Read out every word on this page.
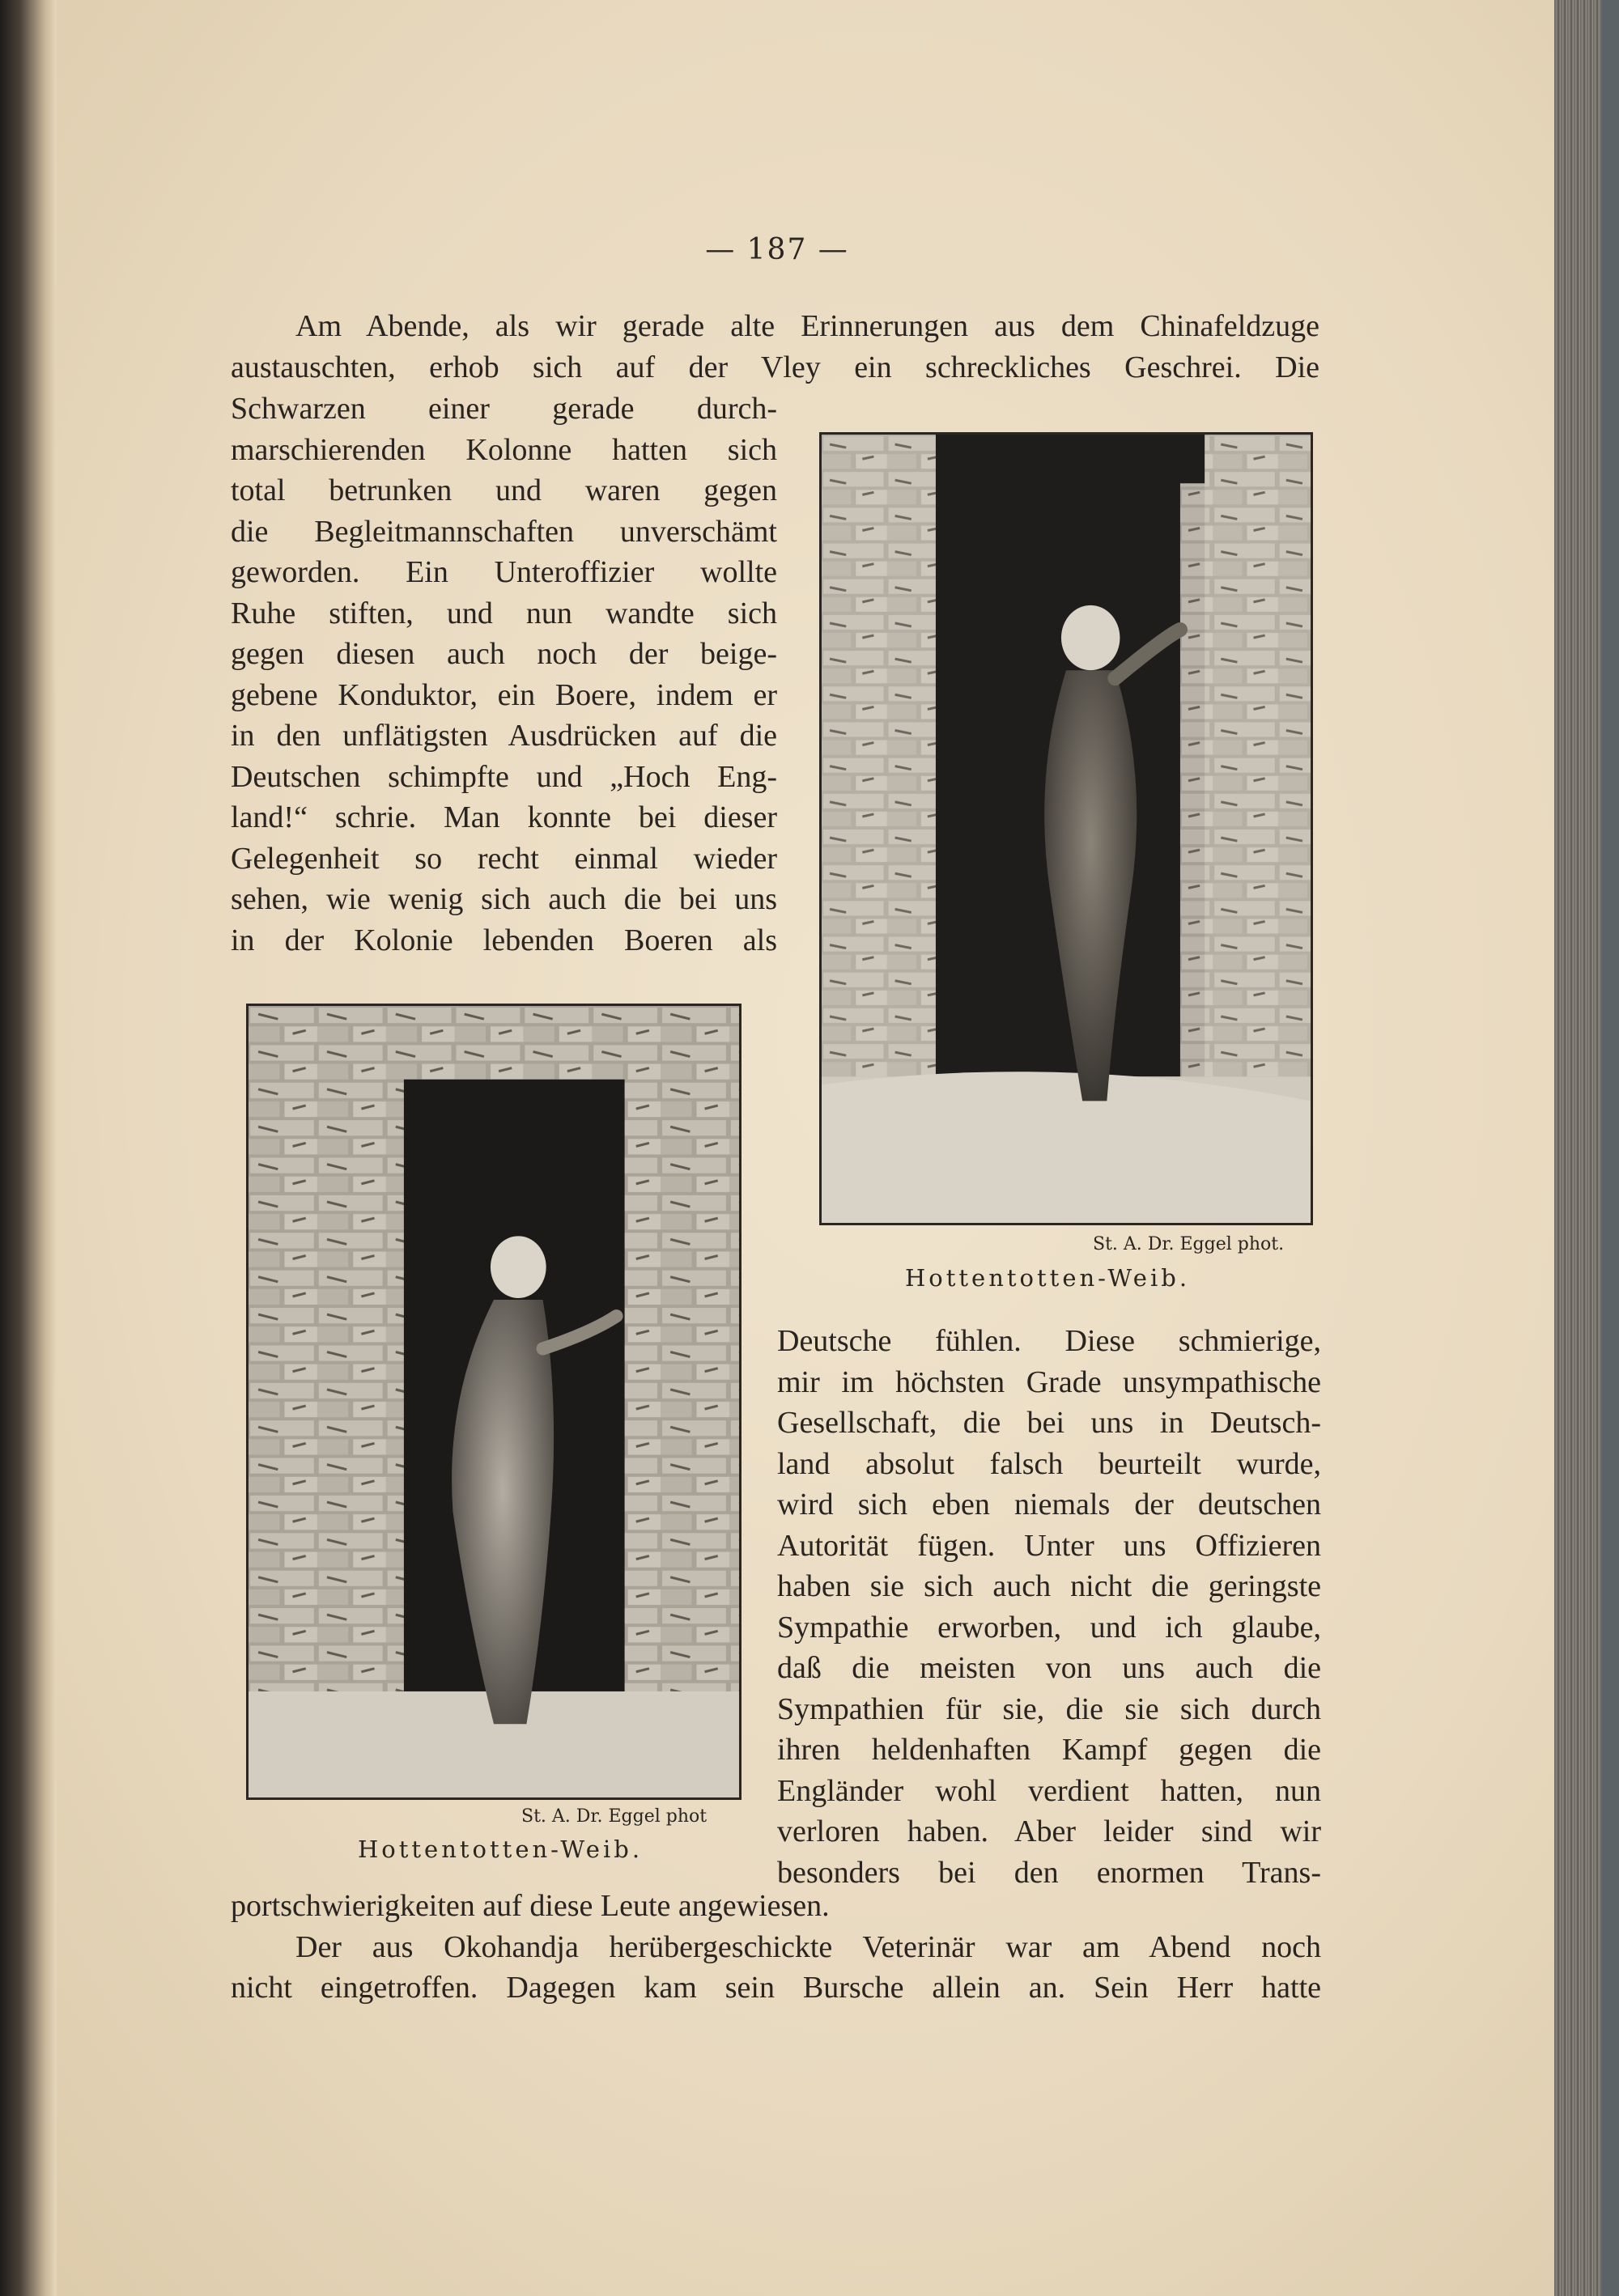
— 187 —

Am Abende, als wir gerade alte Erinnerungen aus dem Chinafeldzuge austauschten, erhob sich auf der Vley ein schreckliches Geschrei. Die

Schwarzen einer gerade durch-
marschierenden Kolonne hatten sich
total betrunken und waren gegen
die Begleitmannschaften unverschämt
geworden. Ein Unteroffizier wollte
Ruhe stiften, und nun wandte sich
gegen diesen auch noch der beige-
gebene Konduktor, ein Boere, indem er
in den unflätigsten Ausdrücken auf die
Deutschen schimpfte und „Hoch Eng-
land!“ schrie. Man konnte bei dieser
Gelegenheit so recht einmal wieder
sehen, wie wenig sich auch die bei uns
in der Kolonie lebenden Boeren als
St. A. Dr. Eggel phot.
Hottentotten-Weib.
St. A. Dr. Eggel phot
Hottentotten-Weib.
Deutsche fühlen. Diese schmierige,
mir im höchsten Grade unsympathische
Gesellschaft, die bei uns in Deutsch-
land absolut falsch beurteilt wurde,
wird sich eben niemals der deutschen
Autorität fügen. Unter uns Offizieren
haben sie sich auch nicht die geringste
Sympathie erworben, und ich glaube,
daß die meisten von uns auch die
Sympathien für sie, die sie sich durch
ihren heldenhaften Kampf gegen die
Engländer wohl verdient hatten, nun
verloren haben. Aber leider sind wir
besonders bei den enormen Trans-
portschwierigkeiten auf diese Leute angewiesen.
Der aus Okohandja herübergeschickte Veterinär war am Abend noch
nicht eingetroffen. Dagegen kam sein Bursche allein an. Sein Herr hatte
